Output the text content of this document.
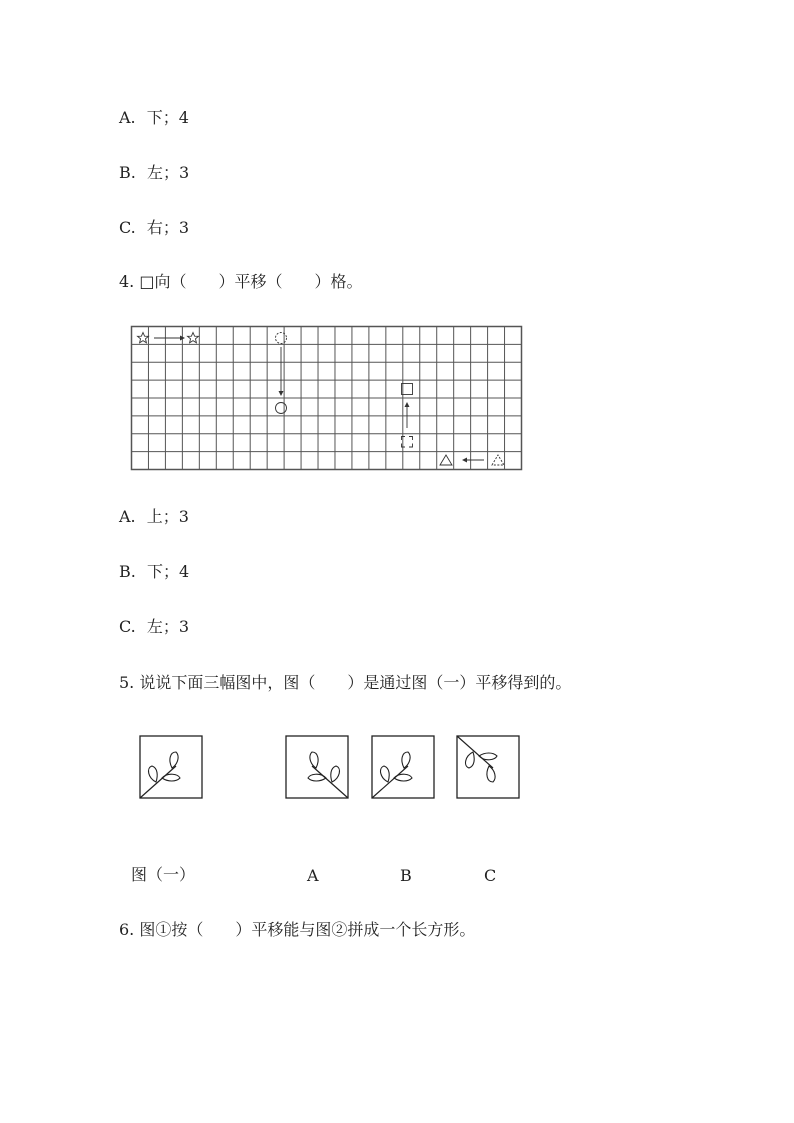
A. 下；4
B. 左；3
C. 右；3
4. □向（　　）平移（　　）格。
A. 上；3
B. 下；4
C. 左；3
5. 说说下面三幅图中，图（　　）是通过图（一）平移得到的。
图（一）	A	B	C
6. 图①按（　　）平移能与图②拼成一个长方形。
